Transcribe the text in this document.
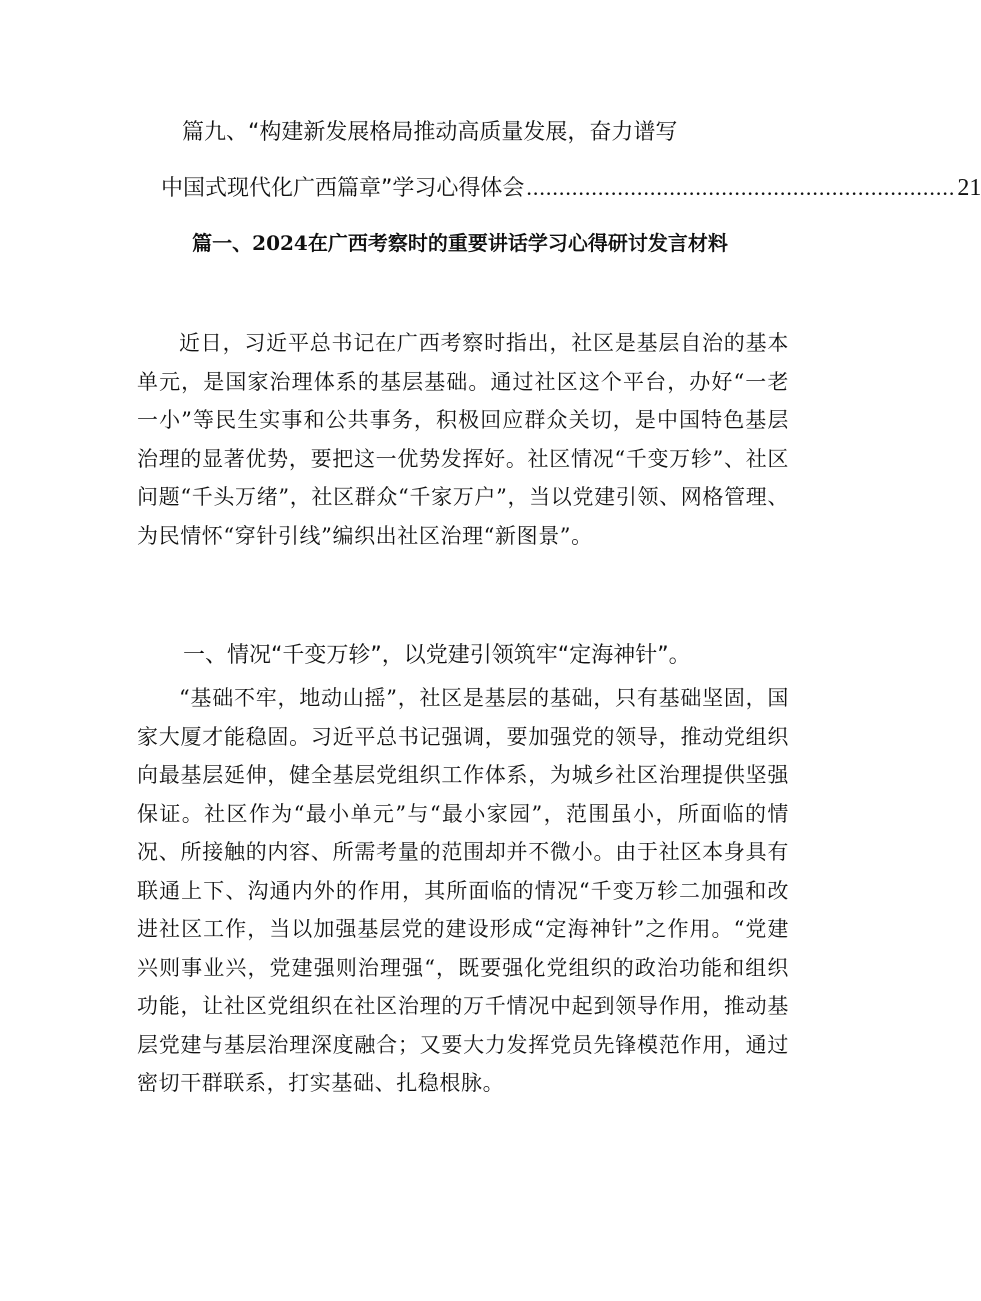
篇九、“构建新发展格局推动高质量发展，奋力谱写
中国式现代化广西篇章”学习心得体会 .................................................................. 21
篇一、2024在广西考察时的重要讲话学习心得研讨发言材料

近日，习近平总书记在广西考察时指出，社区是基层自治的基本单元，是国家治理体系的基层基础。通过社区这个平台，办好“一老一小”等民生实事和公共事务，积极回应群众关切，是中国特色基层治理的显著优势，要把这一优势发挥好。社区情况“千变万轸”、社区问题“千头万绪”，社区群众“千家万户”，当以党建引领、网格管理、为民情怀“穿针引线”编织出社区治理“新图景”。

一、情况“千变万轸”，以党建引领筑牢“定海神针”。

“基础不牢，地动山摇”，社区是基层的基础，只有基础坚固，国家大厦才能稳固。习近平总书记强调，要加强党的领导，推动党组织向最基层延伸，健全基层党组织工作体系，为城乡社区治理提供坚强保证。社区作为“最小单元”与“最小家园”，范围虽小，所面临的情况、所接触的内容、所需考量的范围却并不微小。由于社区本身具有联通上下、沟通内外的作用，其所面临的情况“千变万轸二加强和改进社区工作，当以加强基层党的建设形成“定海神针”之作用。“党建兴则事业兴，党建强则治理强“，既要强化党组织的政治功能和组织功能，让社区党组织在社区治理的万千情况中起到领导作用，推动基层党建与基层治理深度融合；又要大力发挥党员先锋模范作用，通过密切干群联系，打实基础、扎稳根脉。
